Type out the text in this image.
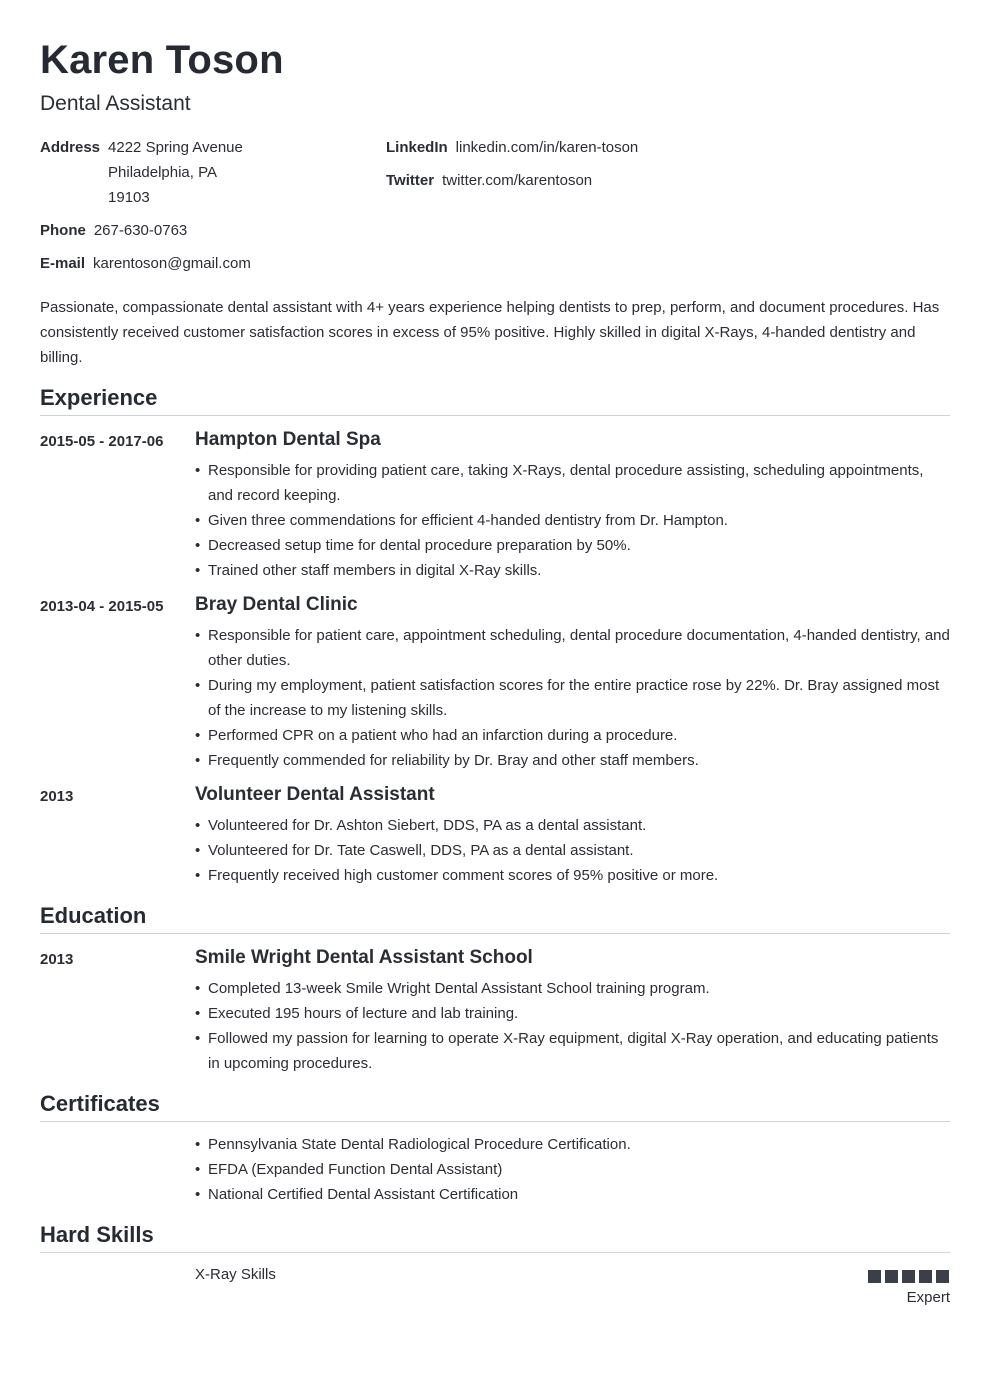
Karen Toson
Dental Assistant
Address 4222 Spring Avenue
Philadelphia, PA
19103
Phone 267-630-0763
E-mail karentoson@gmail.com
LinkedIn linkedin.com/in/karen-toson
Twitter twitter.com/karentoson
Passionate, compassionate dental assistant with 4+ years experience helping dentists to prep, perform, and document procedures. Has consistently received customer satisfaction scores in excess of 95% positive. Highly skilled in digital X-Rays, 4-handed dentistry and billing.
Experience
2015-05 - 2017-06 Hampton Dental Spa
• Responsible for providing patient care, taking X-Rays, dental procedure assisting, scheduling appointments, and record keeping.
• Given three commendations for efficient 4-handed dentistry from Dr. Hampton.
• Decreased setup time for dental procedure preparation by 50%.
• Trained other staff members in digital X-Ray skills.
2013-04 - 2015-05 Bray Dental Clinic
• Responsible for patient care, appointment scheduling, dental procedure documentation, 4-handed dentistry, and other duties.
• During my employment, patient satisfaction scores for the entire practice rose by 22%. Dr. Bray assigned most of the increase to my listening skills.
• Performed CPR on a patient who had an infarction during a procedure.
• Frequently commended for reliability by Dr. Bray and other staff members.
2013	Volunteer Dental Assistant
• Volunteered for Dr. Ashton Siebert, DDS, PA as a dental assistant.
• Volunteered for Dr. Tate Caswell, DDS, PA as a dental assistant.
• Frequently received high customer comment scores of 95% positive or more.
Education
2013	Smile Wright Dental Assistant School
• Completed 13-week Smile Wright Dental Assistant School training program.
• Executed 195 hours of lecture and lab training.
• Followed my passion for learning to operate X-Ray equipment, digital X-Ray operation, and educating patients in upcoming procedures.
Certificates
• Pennsylvania State Dental Radiological Procedure Certification.
• EFDA (Expanded Function Dental Assistant)
• National Certified Dental Assistant Certification
Hard Skills
X-Ray Skills
Expert
